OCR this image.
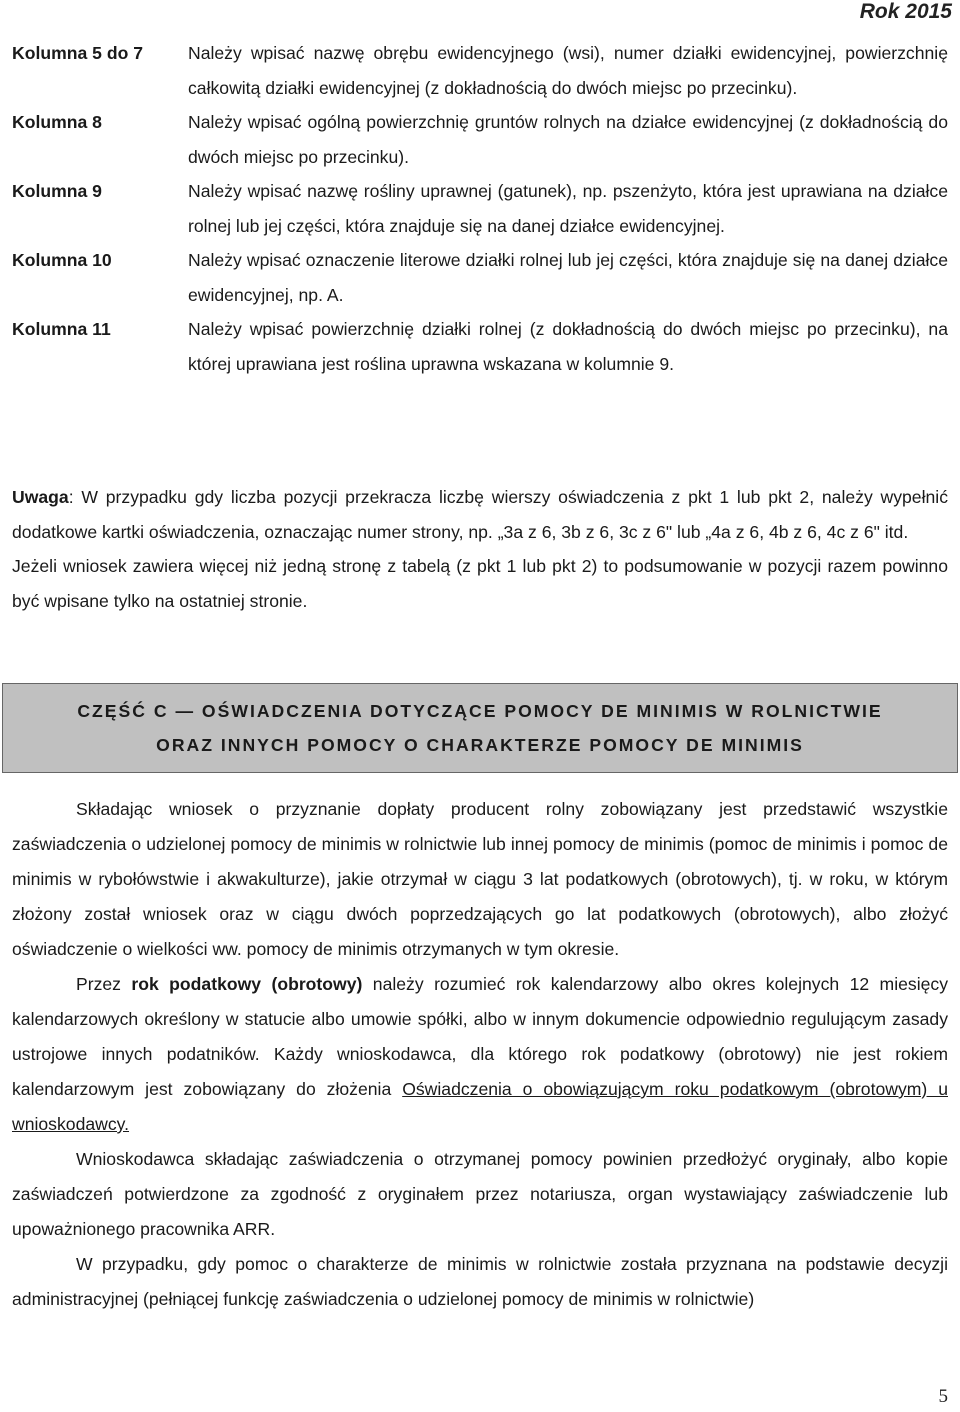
Rok 2015
Kolumna 5 do 7	Należy wpisać nazwę obrębu ewidencyjnego (wsi), numer działki ewidencyjnej, powierzchnię całkowitą działki ewidencyjnej (z dokładnością do dwóch miejsc po przecinku).
Kolumna 8	Należy wpisać ogólną powierzchnię gruntów rolnych na działce ewidencyjnej (z dokładnością do dwóch miejsc po przecinku).
Kolumna 9	Należy wpisać nazwę rośliny uprawnej (gatunek), np. pszenżyto, która jest uprawiana na działce rolnej lub jej części, która znajduje się na danej działce ewidencyjnej.
Kolumna 10	Należy wpisać oznaczenie literowe działki rolnej lub jej części, która znajduje się na danej działce ewidencyjnej, np. A.
Kolumna 11	Należy wpisać powierzchnię działki rolnej (z dokładnością do dwóch miejsc po przecinku), na której uprawiana jest roślina uprawna wskazana w kolumnie 9.

Uwaga: W przypadku gdy liczba pozycji przekracza liczbę wierszy oświadczenia z pkt 1 lub pkt 2, należy wypełnić dodatkowe kartki oświadczenia, oznaczając numer strony, np. „3a z 6, 3b z 6, 3c z 6" lub „4a z 6, 4b z 6, 4c z 6" itd.

Jeżeli wniosek zawiera więcej niż jedną stronę z tabelą (z pkt 1 lub pkt 2) to podsumowanie w pozycji razem powinno być wpisane tylko na ostatniej stronie.

CZĘŚĆ C — OŚWIADCZENIA DOTYCZĄCE POMOCY DE MINIMIS W ROLNICTWIE
ORAZ INNYCH POMOCY O CHARAKTERZE POMOCY DE MINIMIS

Składając wniosek o przyznanie dopłaty producent rolny zobowiązany jest przedstawić wszystkie zaświadczenia o udzielonej pomocy de minimis w rolnictwie lub innej pomocy de minimis (pomoc de minimis i pomoc de minimis w rybołówstwie i akwakulturze), jakie otrzymał w ciągu 3 lat podatkowych (obrotowych), tj. w roku, w którym złożony został wniosek oraz w ciągu dwóch poprzedzających go lat podatkowych (obrotowych), albo złożyć oświadczenie o wielkości ww. pomocy de minimis otrzymanych w tym okresie.

Przez rok podatkowy (obrotowy) należy rozumieć rok kalendarzowy albo okres kolejnych 12 miesięcy kalendarzowych określony w statucie albo umowie spółki, albo w innym dokumencie odpowiednio regulującym zasady ustrojowe innych podatników. Każdy wnioskodawca, dla którego rok podatkowy (obrotowy) nie jest rokiem kalendarzowym jest zobowiązany do złożenia Oświadczenia o obowiązującym roku podatkowym (obrotowym) u wnioskodawcy.

Wnioskodawca składając zaświadczenia o otrzymanej pomocy powinien przedłożyć oryginały, albo kopie zaświadczeń potwierdzone za zgodność z oryginałem przez notariusza, organ wystawiający zaświadczenie lub upoważnionego pracownika ARR.

W przypadku, gdy pomoc o charakterze de minimis w rolnictwie została przyznana na podstawie decyzji administracyjnej (pełniącej funkcję zaświadczenia o udzielonej pomocy de minimis w rolnictwie)

5
